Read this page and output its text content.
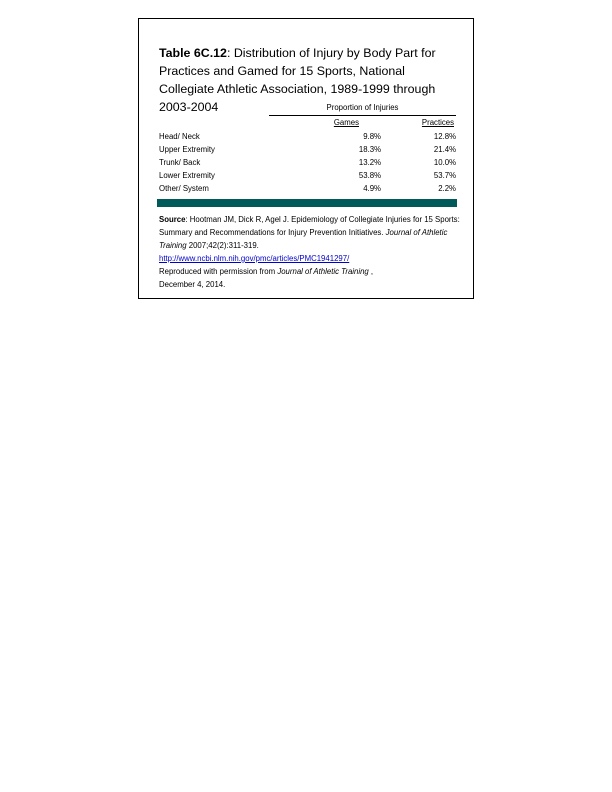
Table 6C.12: Distribution of Injury by Body Part for Practices and Gamed for 15 Sports, National Collegiate Athletic Association, 1989-1999 through 2003-2004	Proportion of Injuries
Games	Practices
Head/ Neck	9.8%	12.8%
Upper Extremity	18.3%	21.4%
Trunk/ Back	13.2%	10.0%
Lower Extremity	53.8%	53.7%
Other/ System	4.9%	2.2%
Source: Hootman JM, Dick R, Agel J. Epidemiology of Collegiate Injuries for 15 Sports: Summary and Recommendations for Injury Prevention Initiatives. Journal of Athletic Training 2007;42(2):311-319.
http://www.ncbi.nlm.nih.gov/pmc/articles/PMC1941297/
Reproduced with permission from Journal of Athletic Training ,
December 4, 2014.
